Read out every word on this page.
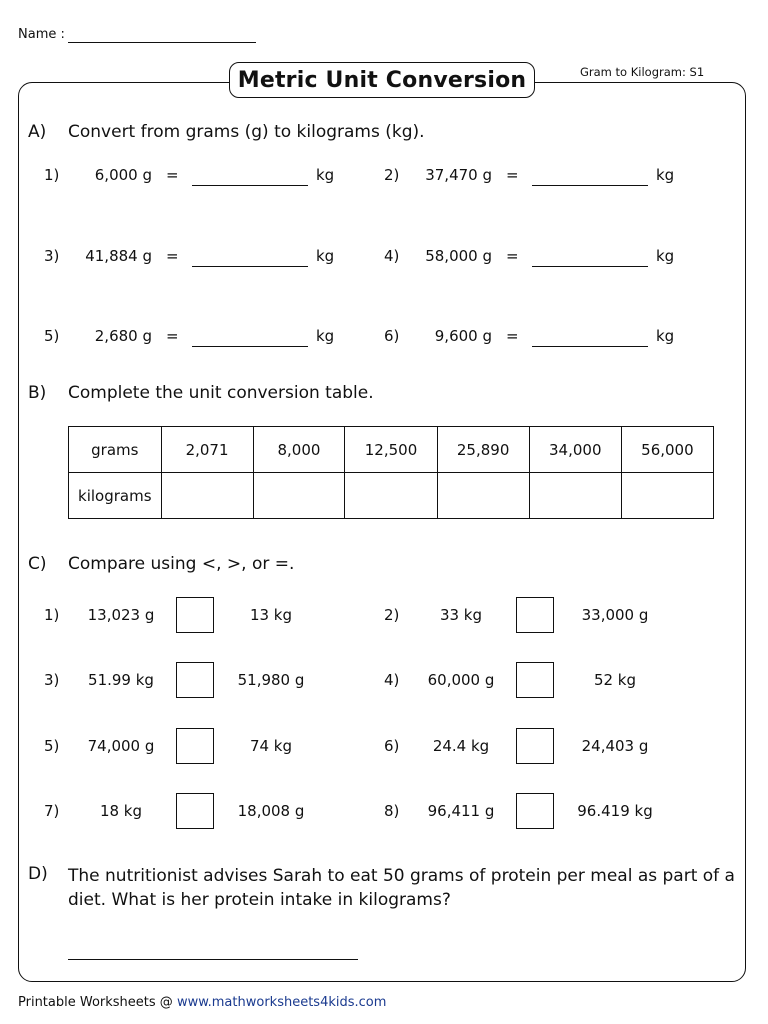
Name :
Gram to Kilogram: S1
Metric Unit Conversion
A) Convert from grams (g) to kilograms (kg).
1)	6,000 g =	kg	2)	37,470 g =	kg
3)	41,884 g =	kg	4)	58,000 g =	kg
5)	2,680 g =	kg	6)	9,600 g =	kg
B) Complete the unit conversion table.
grams	2,071	8,000	12,500	25,890	34,000	56,000
kilograms						
C) Compare using <, >, or =.
1)	13,023 g	13 kg	2)	33 kg	33,000 g
3)	51.99 kg	51,980 g	4)	60,000 g	52 kg
5)	74,000 g	74 kg	6)	24.4 kg	24,403 g
7)	18 kg	18,008 g	8)	96,411 g	96.419 kg
D) The nutritionist advises Sarah to eat 50 grams of protein per meal as part of a diet. What is her protein intake in kilograms?
Printable Worksheets @ www.mathworksheets4kids.com
